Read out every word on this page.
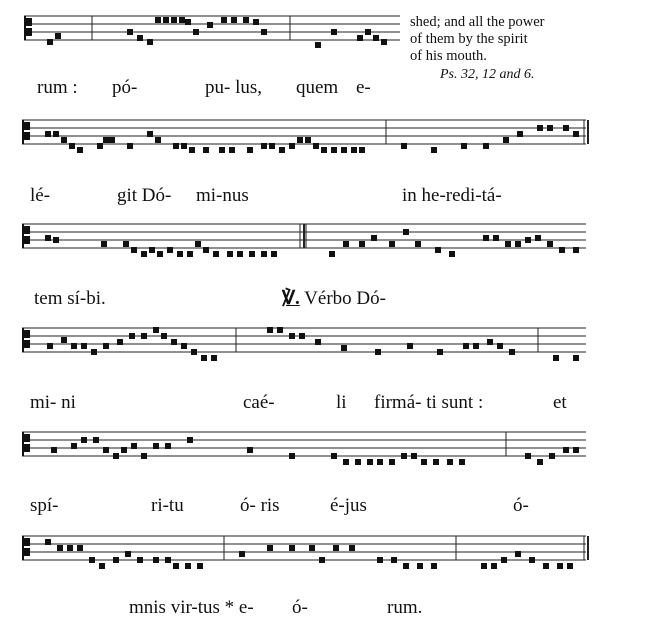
shed; and all the power
of them by the spirit
of his mouth.
Ps. 32, 12 and 6.
rum : pó-	pu- lus, quem e-
lé-	git Dó- mi-nus	in he-redi-tá-
tem sí-bi.	℣. Vérbo Dó-
mi- ni	caé-	li firmá- ti sunt :	et
spí-	ri-tu	ó- ris	é-jus	ó-
mnis vir-tus * e- ó-	rum.
